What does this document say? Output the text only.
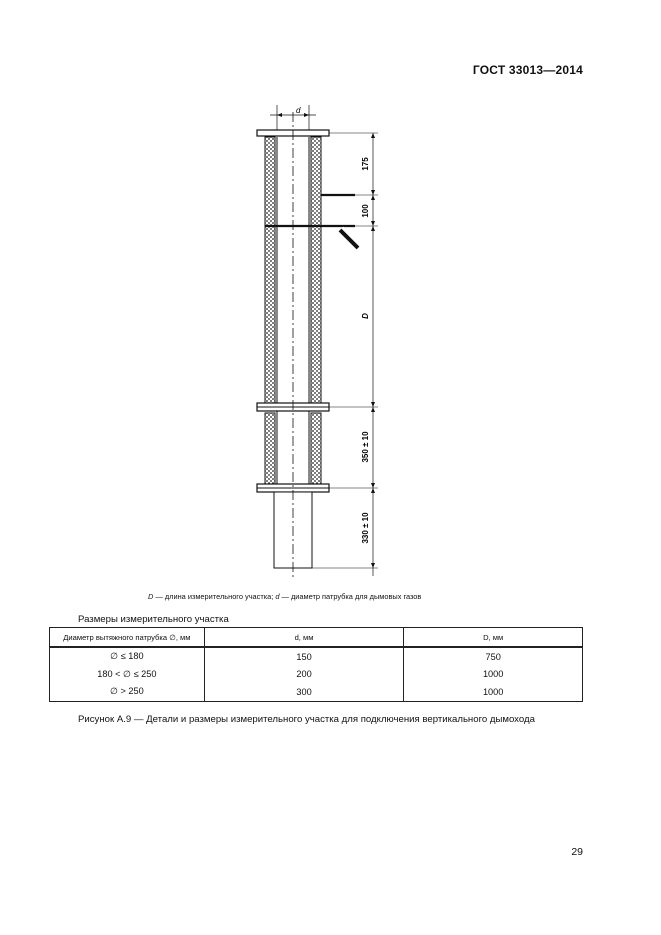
ГОСТ 33013—2014
d
175
100
D
350 ± 10
330 ± 10
D — длина измерительного участка; d — диаметр патрубка для дымовых газов
Размеры измерительного участка
Диаметр вытяжного патрубка ∅, мм	d, мм	D, мм
∅ ≤ 180	150	750
180 < ∅ ≤ 250	200	1000
∅ > 250	300	1000
Рисунок А.9 — Детали и размеры измерительного участка для подключения вертикального дымохода
29
